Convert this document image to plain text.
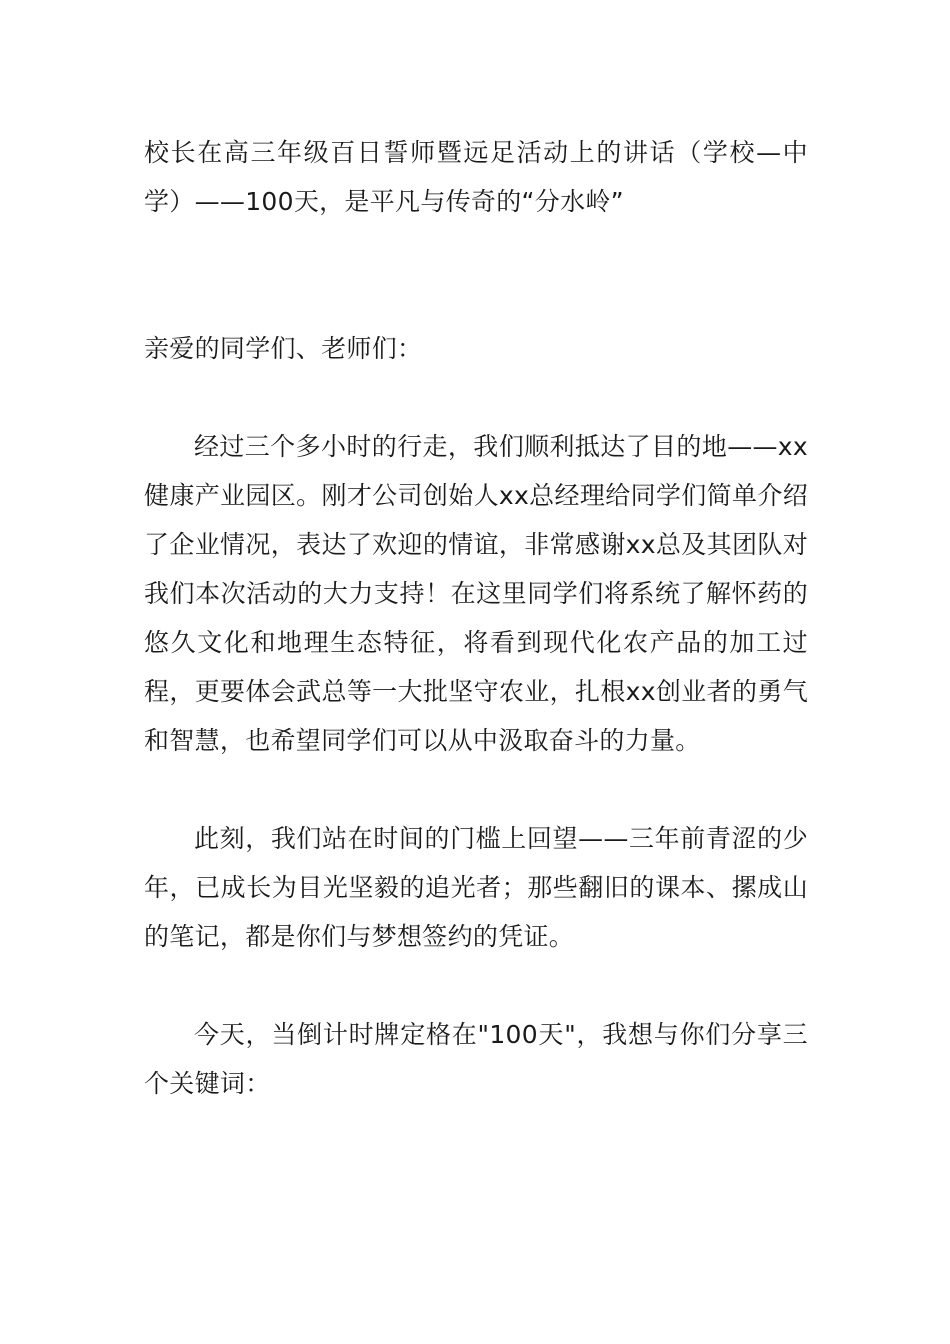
校长在高三年级百日誓师暨远足活动上的讲话（学校—中学）——100天，是平凡与传奇的“分水岭”

亲爱的同学们、老师们：

经过三个多小时的行走，我们顺利抵达了目的地——xx健康产业园区。刚才公司创始人xx总经理给同学们简单介绍了企业情况，表达了欢迎的情谊，非常感谢xx总及其团队对我们本次活动的大力支持！在这里同学们将系统了解怀药的悠久文化和地理生态特征，将看到现代化农产品的加工过程，更要体会武总等一大批坚守农业，扎根xx创业者的勇气和智慧，也希望同学们可以从中汲取奋斗的力量。

此刻，我们站在时间的门槛上回望——三年前青涩的少年，已成长为目光坚毅的追光者；那些翻旧的课本、摞成山的笔记，都是你们与梦想签约的凭证。

今天，当倒计时牌定格在"100天"，我想与你们分享三个关键词：
